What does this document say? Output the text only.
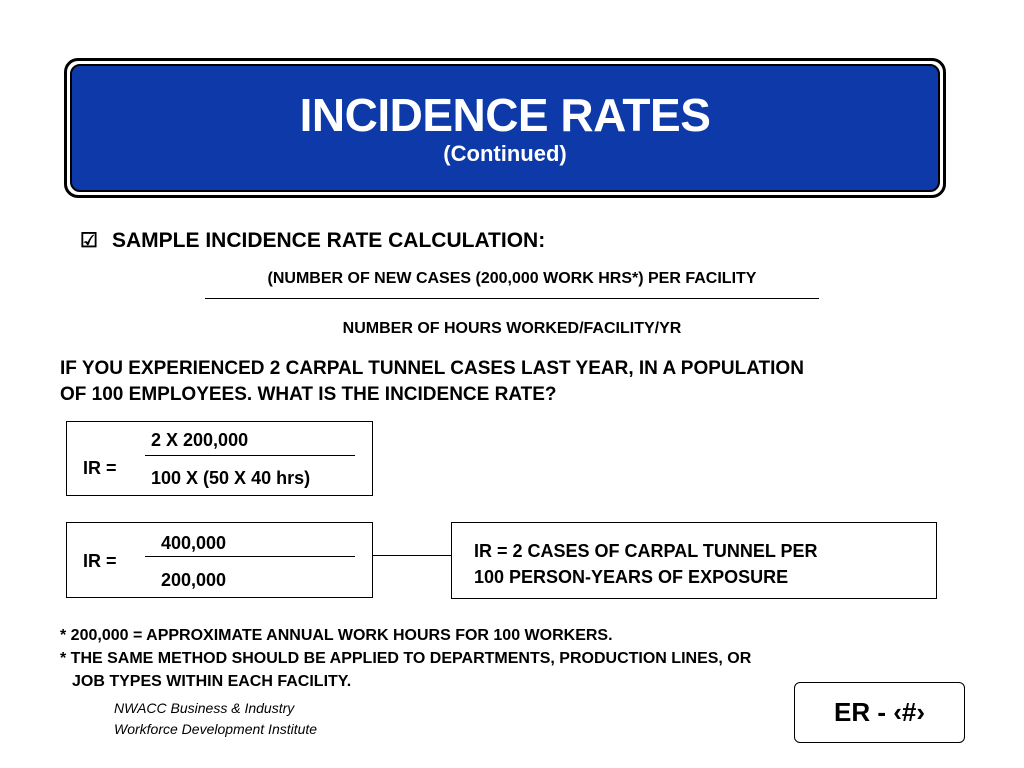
INCIDENCE RATES
(Continued)
☑ SAMPLE INCIDENCE RATE CALCULATION:
(NUMBER OF NEW CASES (200,000 WORK HRS*) PER FACILITY
NUMBER OF HOURS WORKED/FACILITY/YR
IF YOU EXPERIENCED 2 CARPAL TUNNEL CASES LAST YEAR, IN A POPULATION
OF 100 EMPLOYEES. WHAT IS THE INCIDENCE RATE?
IR =
2 X 200,000
100 X (50 X 40 hrs)
IR =
400,000
200,000
IR = 2 CASES OF CARPAL TUNNEL PER
100 PERSON-YEARS OF EXPOSURE
* 200,000 = APPROXIMATE ANNUAL WORK HOURS FOR 100 WORKERS.
* THE SAME METHOD SHOULD BE APPLIED TO DEPARTMENTS, PRODUCTION LINES, OR
JOB TYPES WITHIN EACH FACILITY.
NWACC Business & Industry
Workforce Development Institute
ER - ‹#›
